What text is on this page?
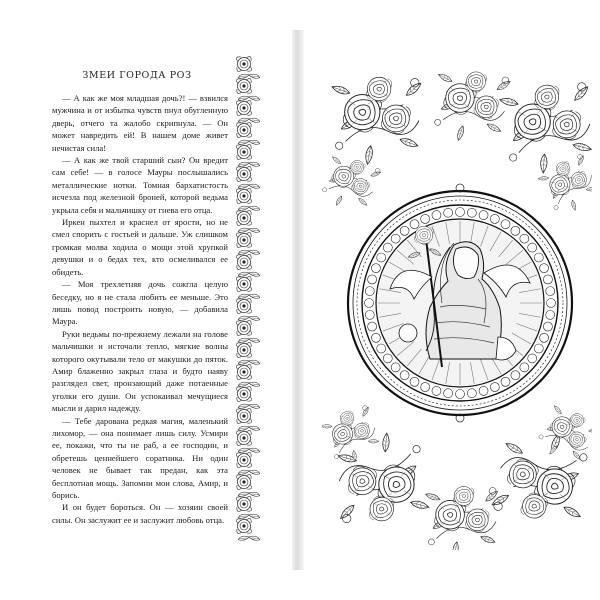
ЗМЕИ ГОРОДА РОЗ

— А как же моя младшая дочь?! — взвился мужчина и от избытка чувств пнул обугленную дверь, отчего та жалобо скрипнула. — Он может навредить ей! В нашем доме живет нечистая сила!

— А как же твой старший сын? Он вредит сам себе! — в голосе Мауры послышались металлические нотки. Томная бархатистость исчезла под железной броней, которой ведьма укрыла себя и мальчишку от гнева его отца.

Иркен пыхтел и краснел от ярости, но не смел спорить с гостьей и дальше. Уж слишком громкая молва ходила о мощи этой хрупкой девушки и о бедах тех, кто осмеливался ее обидеть.

— Моя трехлетняя дочь сожгла целую беседку, но я не стала любить ее меньше. Это лишь повод построить новую, — добавила Маура.

Руки ведьмы по-прежнему лежали на голове мальчишки и источали тепло, мягкие волны которого окутывали тело от макушки до пяток. Амир блаженно закрыл глаза и будто наяву разглядел свет, пронзающий даже потаенные уголки его души. Он успокаивал мечущиеся мысли и дарил надежду.

— Тебе дарована редкая магия, маленький лихомор, — она понимает лишь силу. Усмири ее, покажи, что ты не раб, а ее господин, и обретешь ценнейшего соратника. Ни один человек не бывает так предан, как эта бесплотная мощь. Запомни мои слова, Амир, и борись.

И он будет бороться. Он — хозяин своей силы. Он заслужит ее и заслужит любовь отца.
